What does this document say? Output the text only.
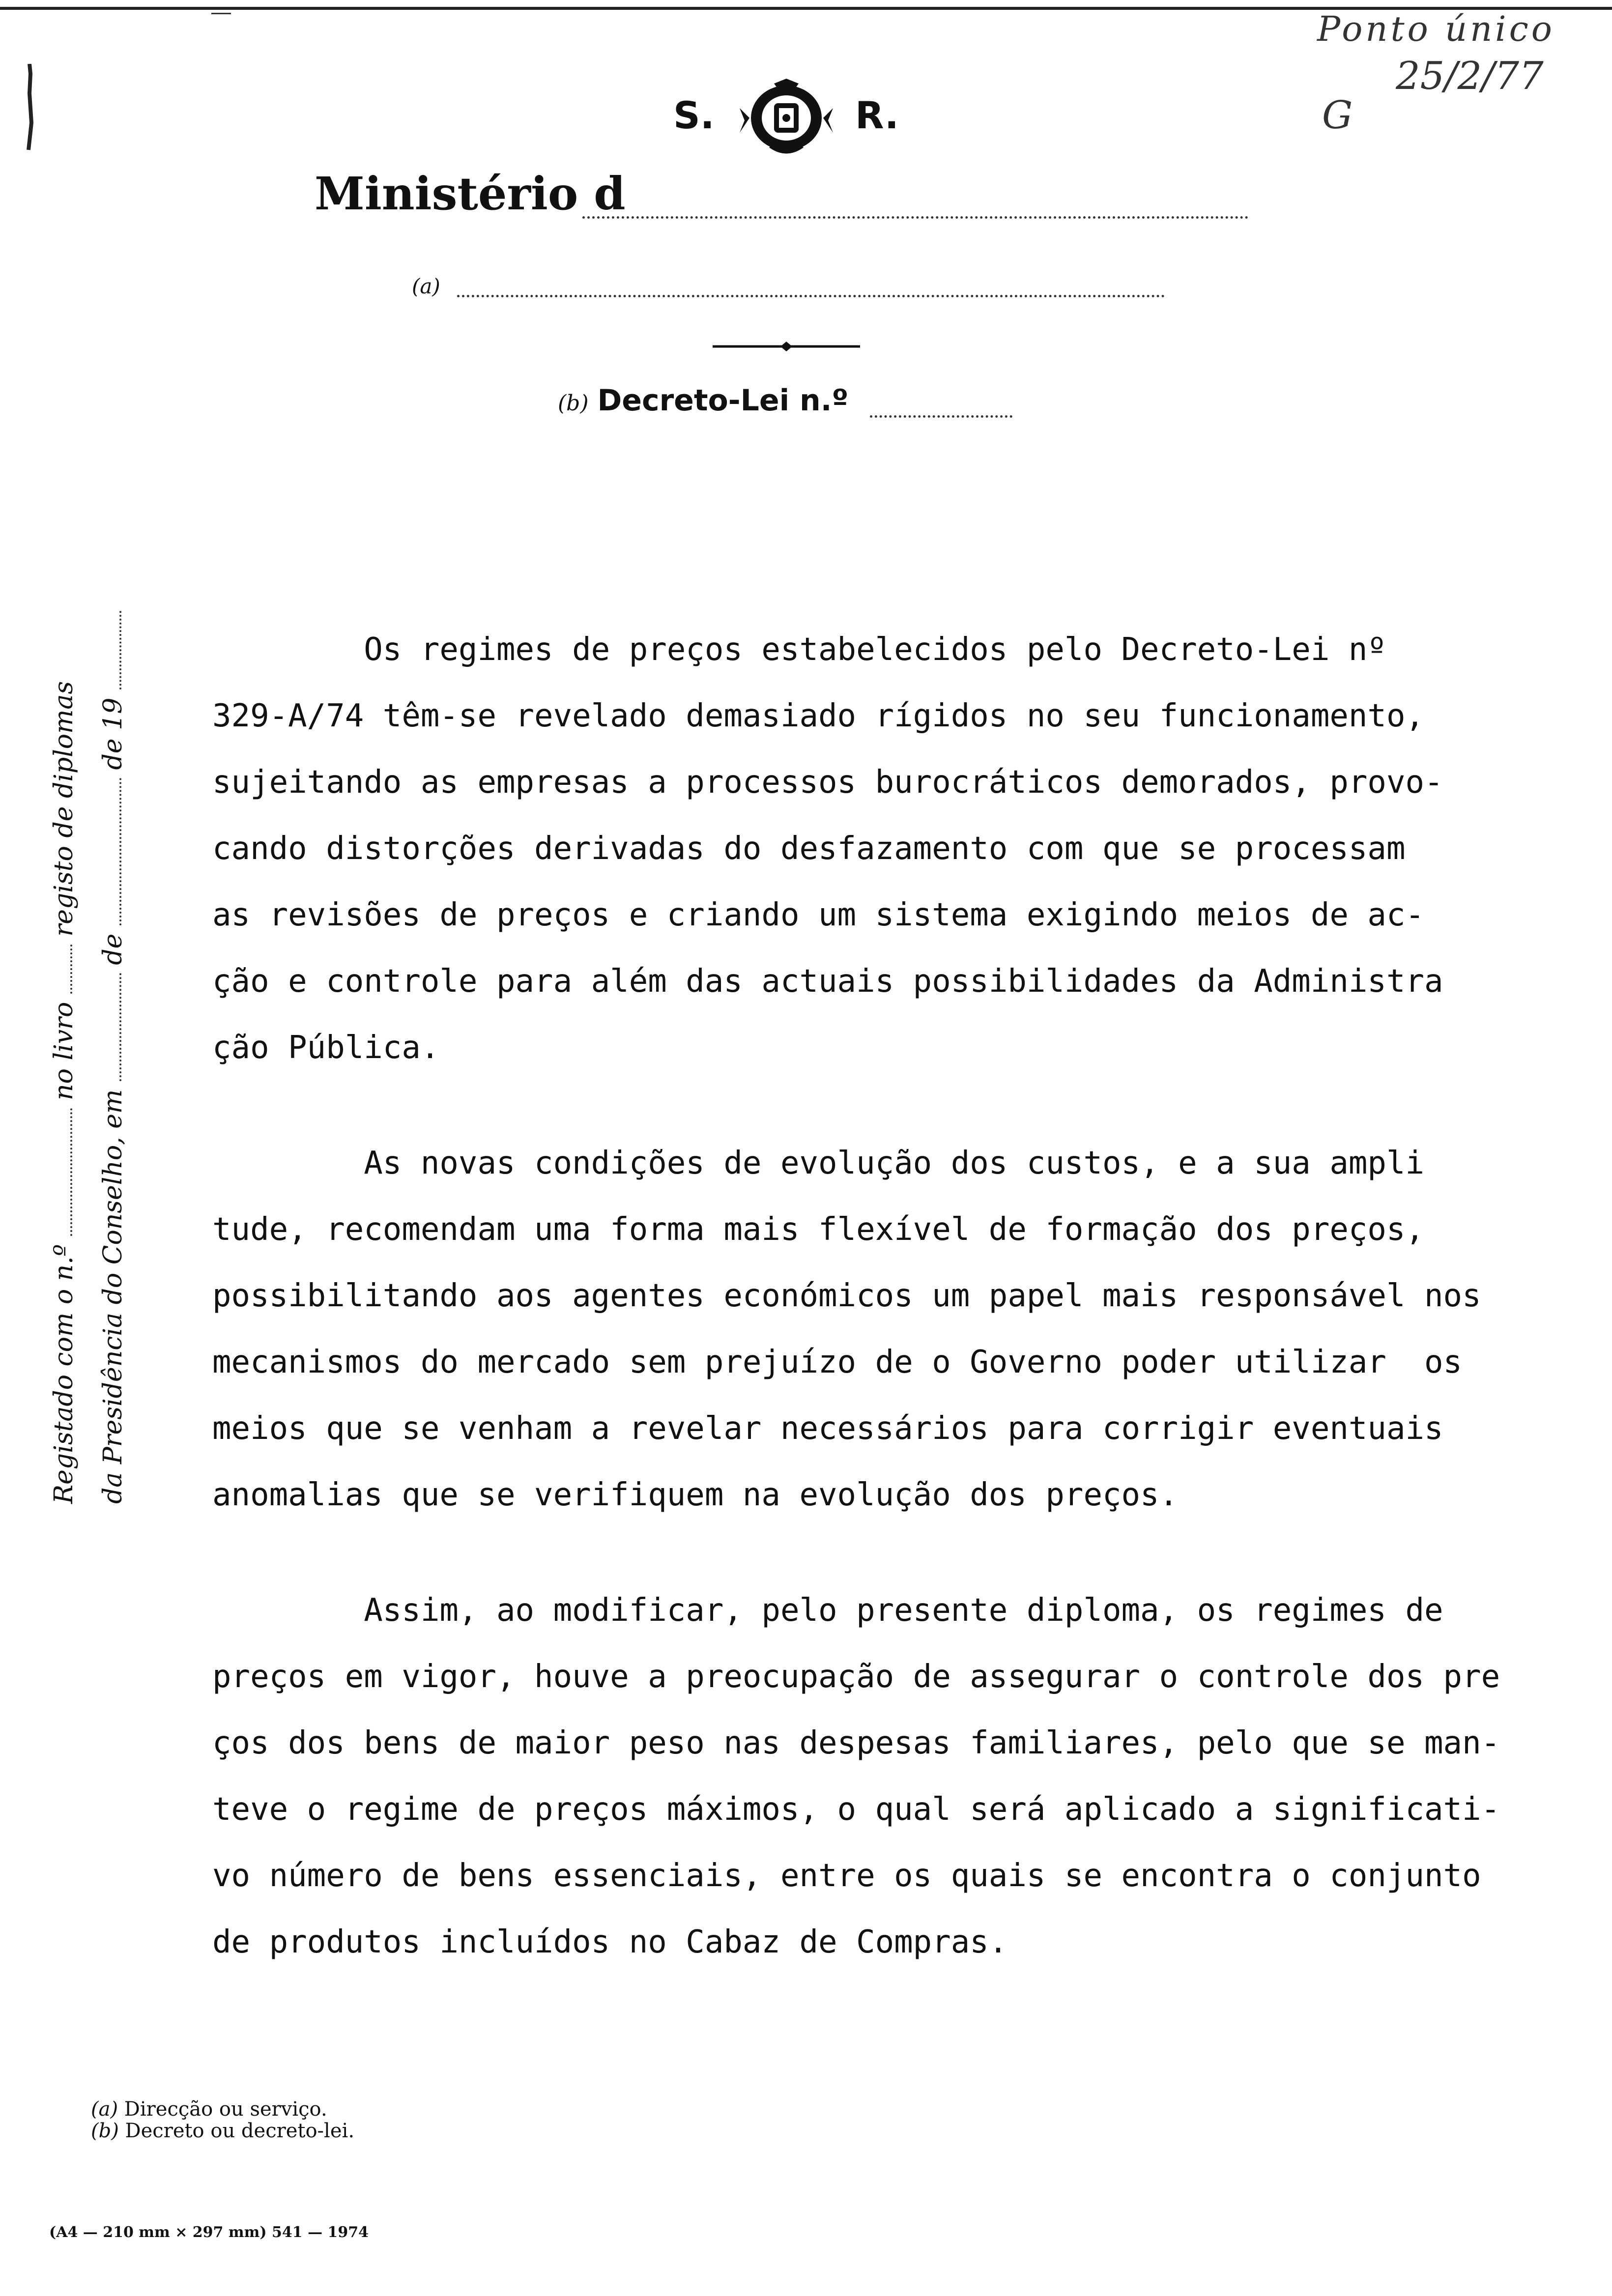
Ponto único
25/2/77
G
S.	R.
Ministério d
(a)
(b) Decreto-Lei n.º
Registado com o n.º  no livro  registo de diplomas
da Presidência do Conselho, em  de  de 19
Os regimes de preços estabelecidos pelo Decreto-Lei nº
329-A/74 têm-se revelado demasiado rígidos no seu funcionamento,
sujeitando as empresas a processos burocráticos demorados, provo-
cando distorções derivadas do desfazamento com que se processam
as revisões de preços e criando um sistema exigindo meios de ac-
ção e controle para além das actuais possibilidades da Administra
ção Pública.
As novas condições de evolução dos custos, e a sua ampli
tude, recomendam uma forma mais flexível de formação dos preços,
possibilitando aos agentes económicos um papel mais responsável nos
mecanismos do mercado sem prejuízo de o Governo poder utilizar  os
meios que se venham a revelar necessários para corrigir eventuais
anomalias que se verifiquem na evolução dos preços.
Assim, ao modificar, pelo presente diploma, os regimes de
preços em vigor, houve a preocupação de assegurar o controle dos pre
ços dos bens de maior peso nas despesas familiares, pelo que se man-
teve o regime de preços máximos, o qual será aplicado a significati-
vo número de bens essenciais, entre os quais se encontra o conjunto
de produtos incluídos no Cabaz de Compras.
(a) Direcção ou serviço.
(b) Decreto ou decreto-lei.
(A4 — 210 mm × 297 mm) 541 — 1974
